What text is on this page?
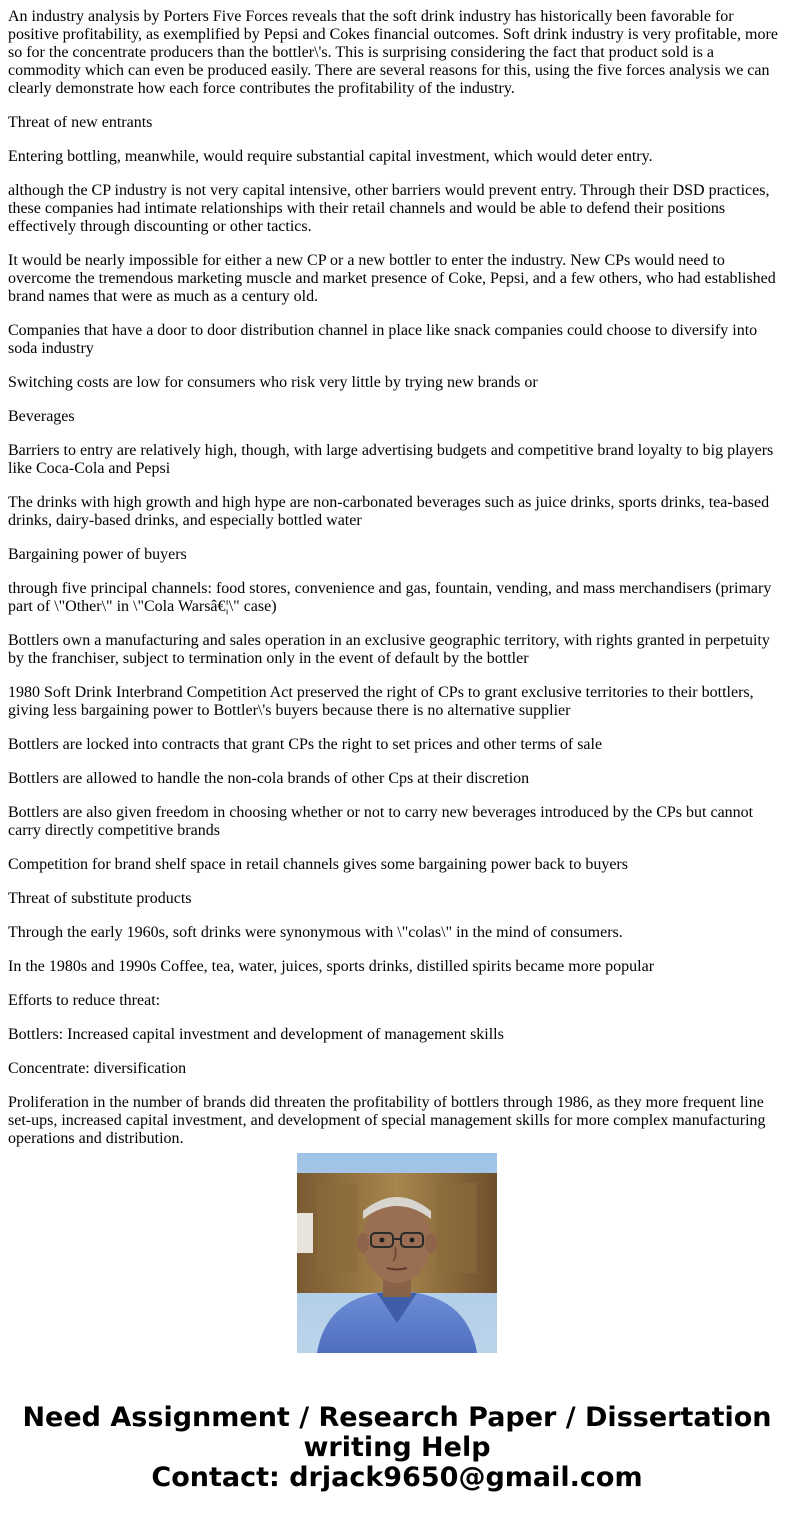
An industry analysis by Porters Five Forces reveals that the soft drink industry has historically been favorable for positive profitability, as exemplified by Pepsi and Cokes financial outcomes. Soft drink industry is very profitable, more so for the concentrate producers than the bottler\'s. This is surprising considering the fact that product sold is a commodity which can even be produced easily. There are several reasons for this, using the five forces analysis we can clearly demonstrate how each force contributes the profitability of the industry.

Threat of new entrants

Entering bottling, meanwhile, would require substantial capital investment, which would deter entry.

although the CP industry is not very capital intensive, other barriers would prevent entry. Through their DSD practices, these companies had intimate relationships with their retail channels and would be able to defend their positions effectively through discounting or other tactics.

It would be nearly impossible for either a new CP or a new bottler to enter the industry. New CPs would need to overcome the tremendous marketing muscle and market presence of Coke, Pepsi, and a few others, who had established brand names that were as much as a century old.

Companies that have a door to door distribution channel in place like snack companies could choose to diversify into soda industry

Switching costs are low for consumers who risk very little by trying new brands or

Beverages

Barriers to entry are relatively high, though, with large advertising budgets and competitive brand loyalty to big players like Coca-Cola and Pepsi

The drinks with high growth and high hype are non-carbonated beverages such as juice drinks, sports drinks, tea-based drinks, dairy-based drinks, and especially bottled water

Bargaining power of buyers

through five principal channels: food stores, convenience and gas, fountain, vending, and mass merchandisers (primary part of \"Other\" in \"Cola Warsâ€¦\" case)

Bottlers own a manufacturing and sales operation in an exclusive geographic territory, with rights granted in perpetuity by the franchiser, subject to termination only in the event of default by the bottler

1980 Soft Drink Interbrand Competition Act preserved the right of CPs to grant exclusive territories to their bottlers, giving less bargaining power to Bottler\'s buyers because there is no alternative supplier

Bottlers are locked into contracts that grant CPs the right to set prices and other terms of sale

Bottlers are allowed to handle the non-cola brands of other Cps at their discretion

Bottlers are also given freedom in choosing whether or not to carry new beverages introduced by the CPs but cannot carry directly competitive brands

Competition for brand shelf space in retail channels gives some bargaining power back to buyers

Threat of substitute products

Through the early 1960s, soft drinks were synonymous with \"colas\" in the mind of consumers.

In the 1980s and 1990s Coffee, tea, water, juices, sports drinks, distilled spirits became more popular

Efforts to reduce threat:

Bottlers: Increased capital investment and development of management skills

Concentrate: diversification

Proliferation in the number of brands did threaten the profitability of bottlers through 1986, as they more frequent line set-ups, increased capital investment, and development of special management skills for more complex manufacturing operations and distribution.

Need Assignment / Research Paper / Dissertation
writing Help
Contact: drjack9650@gmail.com
